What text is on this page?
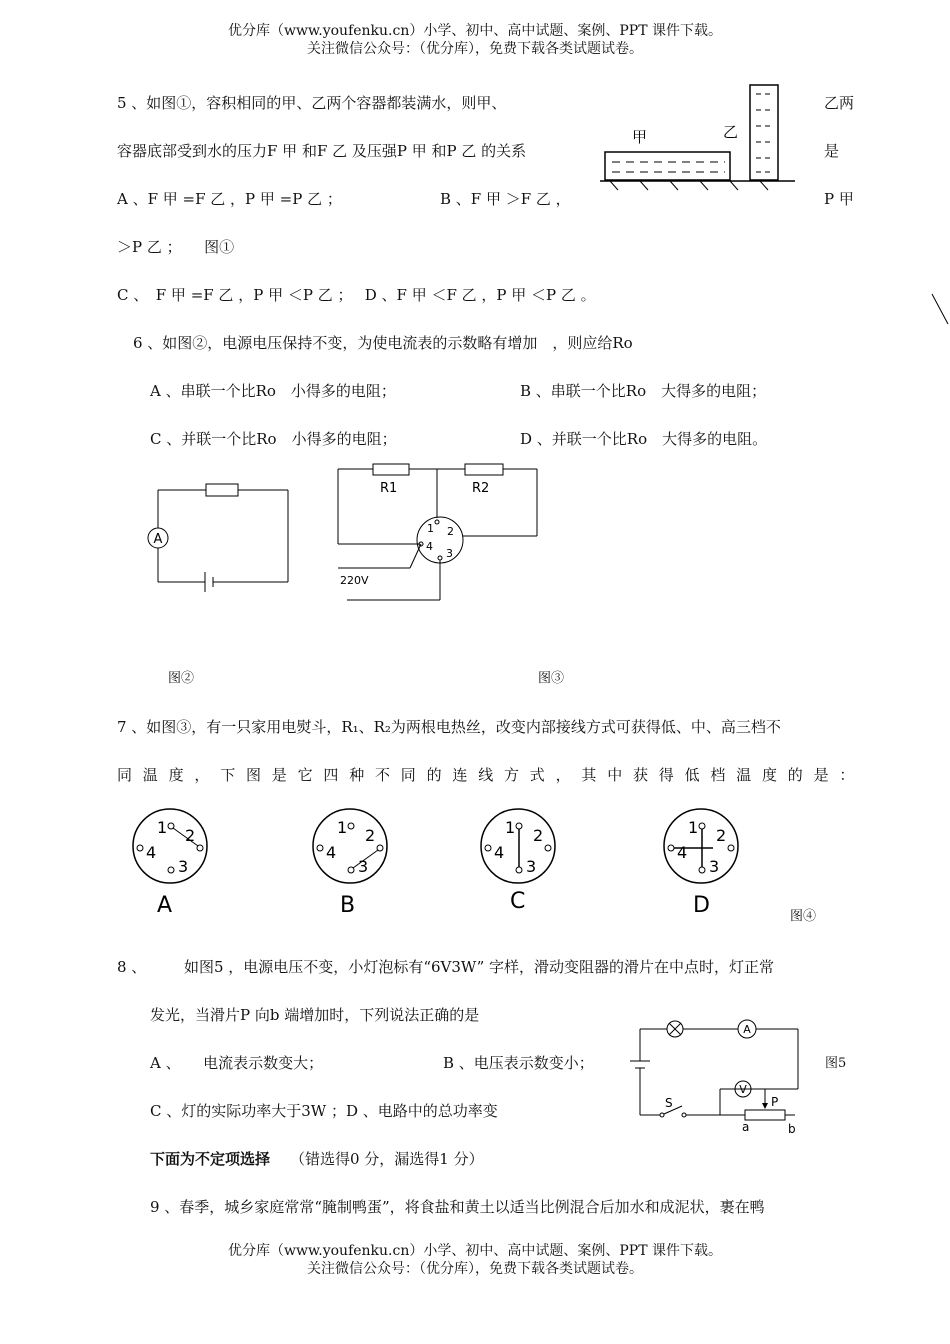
优分库（www.youfenku.cn）小学、初中、高中试题、案例、PPT 课件下载。
关注微信公众号：（优分库），免费下载各类试题试卷。
5 、如图①，容积相同的甲、乙两个容器都装满水，则甲、	乙两
容器底部受到水的压力F 甲 和F 乙 及压强P 甲 和P 乙 的关系	是
A 、F 甲 =F 乙 ，P 甲 =P 乙 ；	B 、F 甲 ＞F 乙 ，	P 甲
＞P 乙 ；　　图①
C 、　F 甲 =F 乙 ，P 甲 ＜P 乙 ；　 D 、F 甲 ＜F 乙 ，P 甲 ＜P 乙 。
甲	乙
6 、如图②，电源电压保持不变，为使电流表的示数略有增加　，则应给Ro
A 、串联一个比Ro　小得多的电阻；	B 、串联一个比Ro　大得多的电阻；
C 、并联一个比Ro　小得多的电阻；	D 、并联一个比Ro　大得多的电阻。
A
R1	R2
1 2
3
4
220V
图②	图③
7 、如图③，有一只家用电熨斗，R₁、R₂为两根电热丝，改变内部接线方式可获得低、中、高三档不
同温度，下图是它四种不同的连线方式，其中获得低档温度的是：
1 2
3
4
A
1 2
3
4
B
1 2
3
4
C
1 2
3
4
D	图④
8 、	如图5 ，电源电压不变，小灯泡标有“6V3W” 字样，滑动变阻器的滑片在中点时，灯正常
发光，当滑片P 向b 端增加时，下列说法正确的是
A 、　　电流表示数变大；	B 、电压表示数变小；
C 、灯的实际功率大于3W ；D 、电路中的总功率变
图5
A
S
V
P
a	b
下面为不定项选择 （错选得0 分，漏选得1 分）
9 、春季，城乡家庭常常“腌制鸭蛋”，将食盐和黄土以适当比例混合后加水和成泥状，裹在鸭
优分库（www.youfenku.cn）小学、初中、高中试题、案例、PPT 课件下载。
关注微信公众号：（优分库），免费下载各类试题试卷。
